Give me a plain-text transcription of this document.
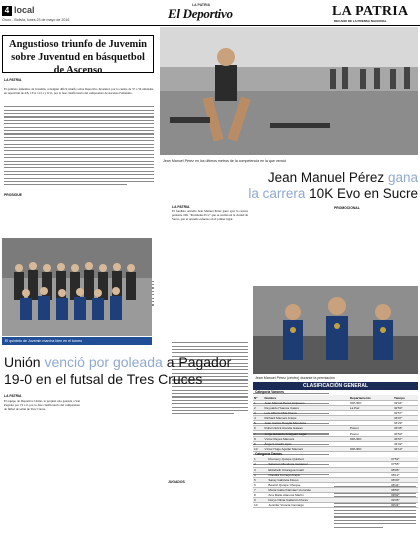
4 local
Oruro - Bolivia, lunes 23 de mayo de 2016
LA PATRIA
El Deportivo	LA PATRIA
DECANO DE LA PRENSA NACIONAL
Angustioso triunfo de Juvemin sobre Juventud en básquetbol de Ascenso
LA PATRIA
El quinteto femenino de Juvemin, consiguió difícil triunfo sobre Deportivo Juventud, por la cuenta de 57 a 56 unidades, en repetición de 4/8, 13/4, 11/11 y 9/11, por la fase clasificatoria del campeonato de Ascenso Femenino.
PROSIGUE
El quinteto de Juvemin marcha bien en el torneo
Jean Manuel Pérez en los últimos metros de la competencia en la que venció
Jean Manuel Pérez gana
la carrera 10K Evo en Sucre
LA PATRIA
El fondista orureño Jean Manuel Pérez ganó ayer la carrera pedestre 10K “Presidente Evo” que se realizó en la ciudad de Sucre, que el orureño esfuerzo en el primer lugar.
PROMOCIONAL
Jean Manuel Pérez (centro) durante la premiación
CLASIFICACIÓN GENERAL
Categoría Varones
Nº	Nombre	Departamento	Tiempo
1	Jean Manuel Pérez Ampuero	ORURO	32'04"
2	Reynaldo Huanca Calero	La Paz	32'50"
3	Luis Alberto Mita Flores		32'57"
4	Richard Mamani Arispe		33'07"
5	Juan Carlos Huaylla Mendoza		33'29"
6	Rubén Erick Aranda Galean	Potosí	33'35"
7	Jorge Eduardo Anaguari Lagar	Potosí	33'50"
8	Víctor Reyes Mamani	ORURO	33'57"
9	Ángel Limachi Lipio		34'02"
10	Víctor Hugo Aguilar Mamani	ORURO	34'10"
Categoría Damas
1	Rosmery Quispe Quisbert		37'52"
2	Salomón Mendoza Gutiérrez		37'55"
3	Elizabeth Cituragua Guall		38'06"
4	Claudia Cornejo Arapa		38'12"
5	Saray Gabriela Flores		38'30"
6	Beatriz Quispe Choque		38'41"
7	María Isabel Narváez Lloronda		38'59"
8	Ana Maite Alanoca Martín		39'02"
9	Dorys Olivia Calderón Flores		39'35"
10	Jennifer Vinocia Camargo		39'41"
Unión venció por goleada a Pagador
19-0 en el futsal de Tres Cruces
LA PATRIA
El equipo de Deportivo Unión, le propinó una goleada a San Pagador por 19 a 0, por la fase clasificatoria del campeonato de fútbol de salón de Tres Cruces.
JUGADOS
